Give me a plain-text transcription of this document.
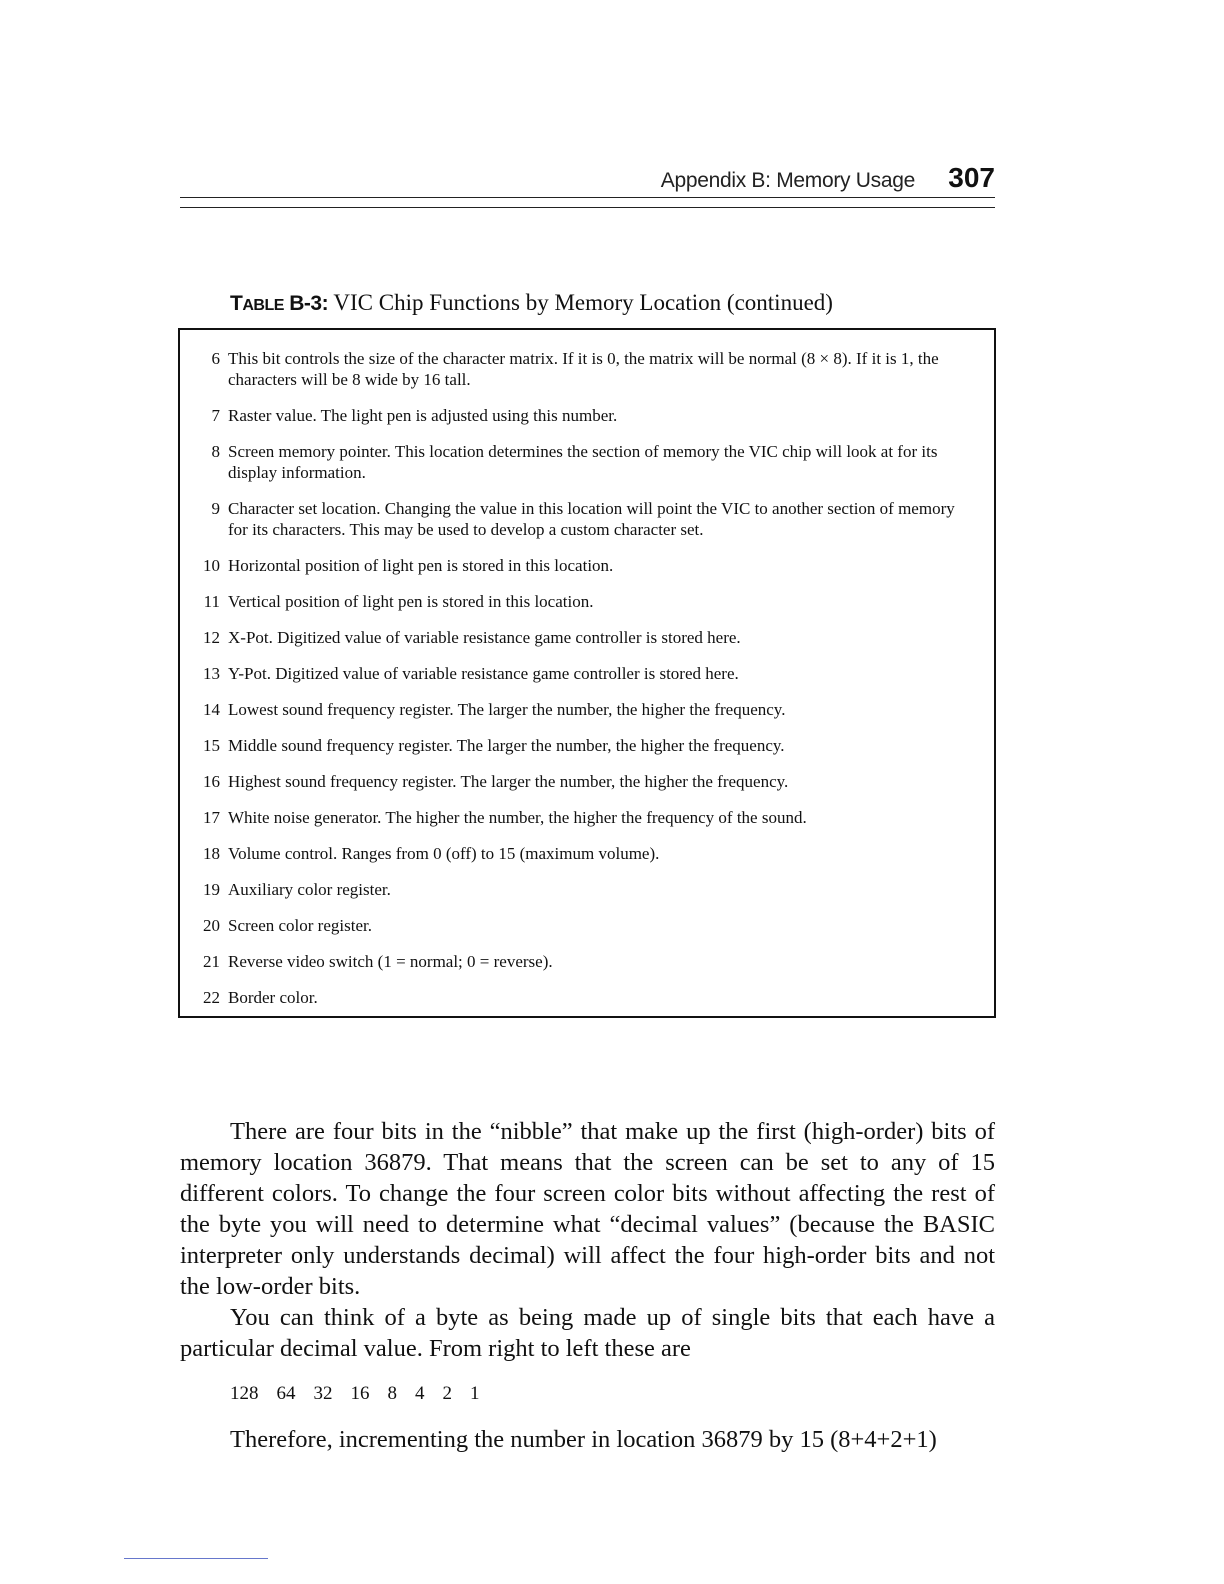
Appendix B: Memory Usage 307
TABLE B-3: VIC Chip Functions by Memory Location (continued)
6 This bit controls the size of the character matrix. If it is 0, the matrix will be normal (8 × 8). If it is 1, the characters will be 8 wide by 16 tall.
7 Raster value. The light pen is adjusted using this number.
8 Screen memory pointer. This location determines the section of memory the VIC chip will look at for its display information.
9 Character set location. Changing the value in this location will point the VIC to another section of memory for its characters. This may be used to develop a custom character set.
10 Horizontal position of light pen is stored in this location.
11 Vertical position of light pen is stored in this location.
12 X-Pot. Digitized value of variable resistance game controller is stored here.
13 Y-Pot. Digitized value of variable resistance game controller is stored here.
14 Lowest sound frequency register. The larger the number, the higher the frequency.
15 Middle sound frequency register. The larger the number, the higher the frequency.
16 Highest sound frequency register. The larger the number, the higher the frequency.
17 White noise generator. The higher the number, the higher the frequency of the sound.
18 Volume control. Ranges from 0 (off) to 15 (maximum volume).
19 Auxiliary color register.
20 Screen color register.
21 Reverse video switch (1 = normal; 0 = reverse).
22 Border color.

There are four bits in the “nibble” that make up the first (high-order) bits of memory location 36879. That means that the screen can be set to any of 15 different colors. To change the four screen color bits without affecting the rest of the byte you will need to determine what “decimal values” (because the BASIC interpreter only understands decimal) will affect the four high-order bits and not the low-order bits.

You can think of a byte as being made up of single bits that each have a particular decimal value. From right to left these are

128 64 32 16 8 4 2 1

Therefore, incrementing the number in location 36879 by 15 (8+4+2+1)
